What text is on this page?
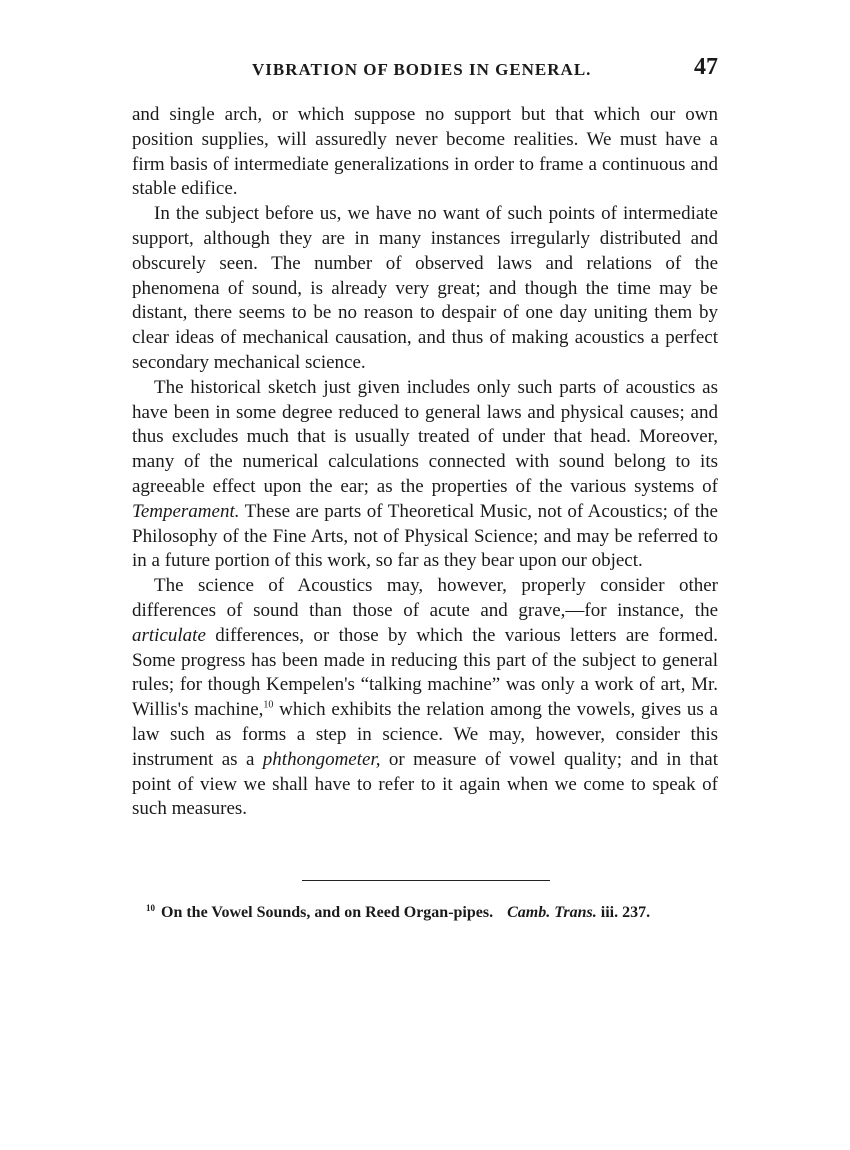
VIBRATION OF BODIES IN GENERAL.	47

and single arch, or which suppose no support but that which our own position supplies, will assuredly never become realities. We must have a firm basis of intermediate generalizations in order to frame a continuous and stable edifice.

In the subject before us, we have no want of such points of intermediate support, although they are in many instances irregularly distributed and obscurely seen. The number of observed laws and relations of the phenomena of sound, is already very great; and though the time may be distant, there seems to be no reason to despair of one day uniting them by clear ideas of mechanical causation, and thus of making acoustics a perfect secondary mechanical science.

The historical sketch just given includes only such parts of acoustics as have been in some degree reduced to general laws and physical causes; and thus excludes much that is usually treated of under that head. Moreover, many of the numerical calculations connected with sound belong to its agreeable effect upon the ear; as the properties of the various systems of Temperament. These are parts of Theoretical Music, not of Acoustics; of the Philosophy of the Fine Arts, not of Physical Science; and may be referred to in a future portion of this work, so far as they bear upon our object.

The science of Acoustics may, however, properly consider other differences of sound than those of acute and grave,—for instance, the articulate differences, or those by which the various letters are formed. Some progress has been made in reducing this part of the subject to general rules; for though Kempelen's “talking machine” was only a work of art, Mr. Willis's machine,$^{10}$ which exhibits the relation among the vowels, gives us a law such as forms a step in science. We may, however, consider this instrument as a phthongometer, or measure of vowel quality; and in that point of view we shall have to refer to it again when we come to speak of such measures.

$^{10}$ On the Vowel Sounds, and on Reed Organ-pipes. Camb. Trans. iii. 237.
